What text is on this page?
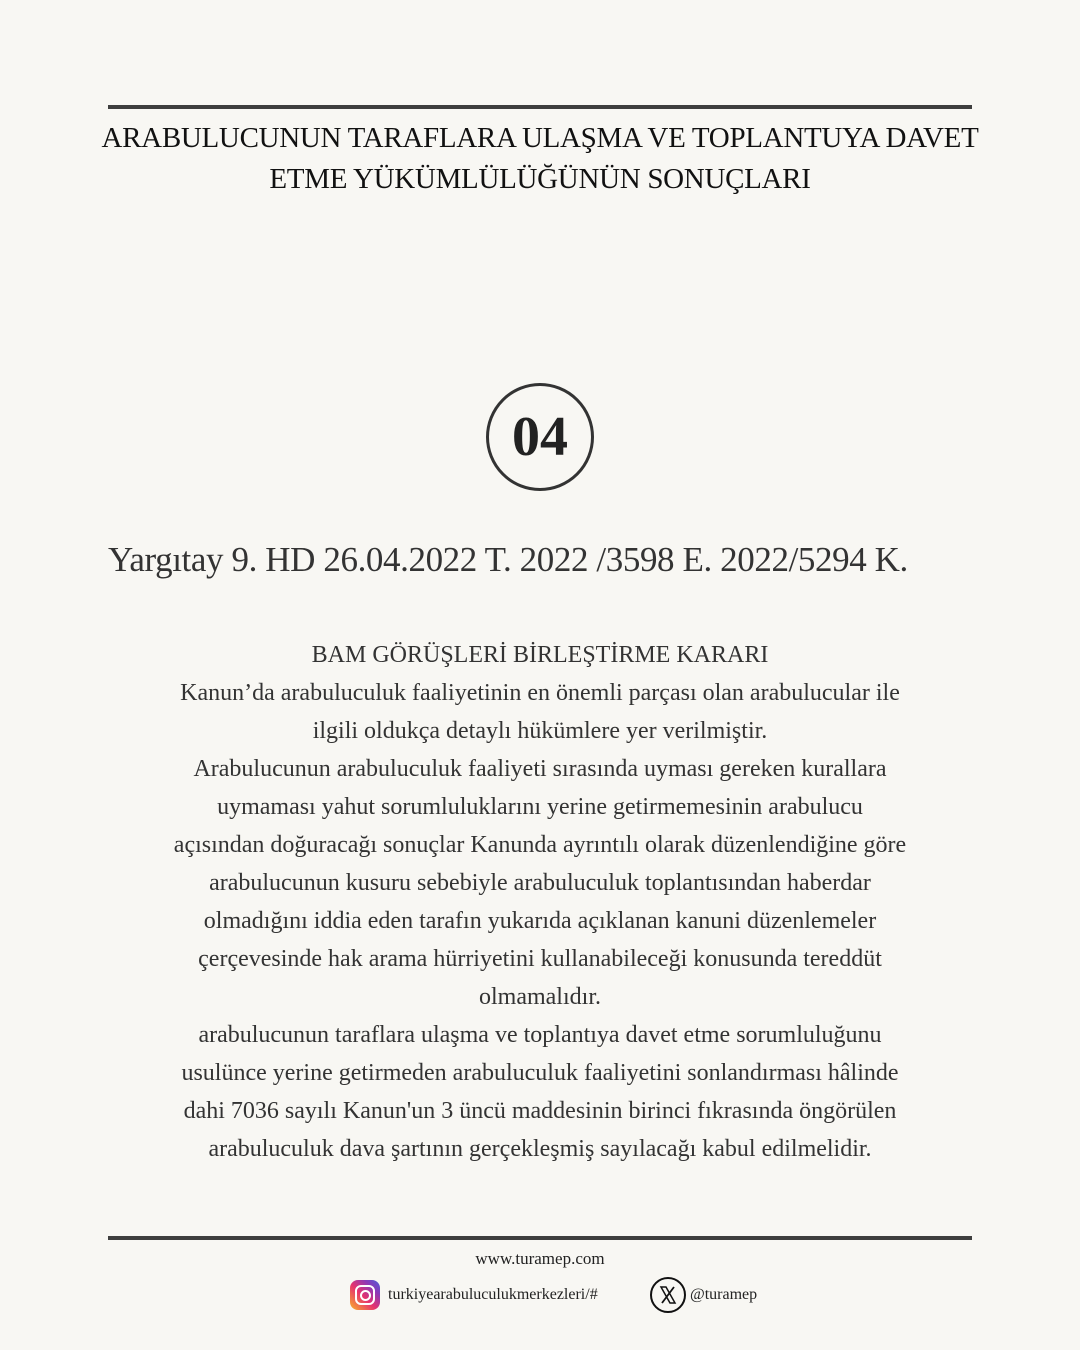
ARABULUCUNUN TARAFLARA ULAŞMA VE TOPLANTUYA DAVET
ETME YÜKÜMLÜLÜĞÜNÜN SONUÇLARI
04
Yargıtay 9. HD 26.04.2022 T. 2022 /3598 E. 2022/5294 K.
BAM GÖRÜŞLERİ BİRLEŞTİRME KARARI
Kanun’da arabuluculuk faaliyetinin en önemli parçası olan arabulucular ile
ilgili oldukça detaylı hükümlere yer verilmiştir.
Arabulucunun arabuluculuk faaliyeti sırasında uyması gereken kurallara
uymaması yahut sorumluluklarını yerine getirmemesinin arabulucu
açısından doğuracağı sonuçlar Kanunda ayrıntılı olarak düzenlendiğine göre
arabulucunun kusuru sebebiyle arabuluculuk toplantısından haberdar
olmadığını iddia eden tarafın yukarıda açıklanan kanuni düzenlemeler
çerçevesinde hak arama hürriyetini kullanabileceği konusunda tereddüt
olmamalıdır.
arabulucunun taraflara ulaşma ve toplantıya davet etme sorumluluğunu
usulünce yerine getirmeden arabuluculuk faaliyetini sonlandırması hâlinde
dahi 7036 sayılı Kanun'un 3 üncü maddesinin birinci fıkrasında öngörülen
arabuluculuk dava şartının gerçekleşmiş sayılacağı kabul edilmelidir.
www.turamep.com
turkiyearabuluculukmerkezleri/#	@turamep
